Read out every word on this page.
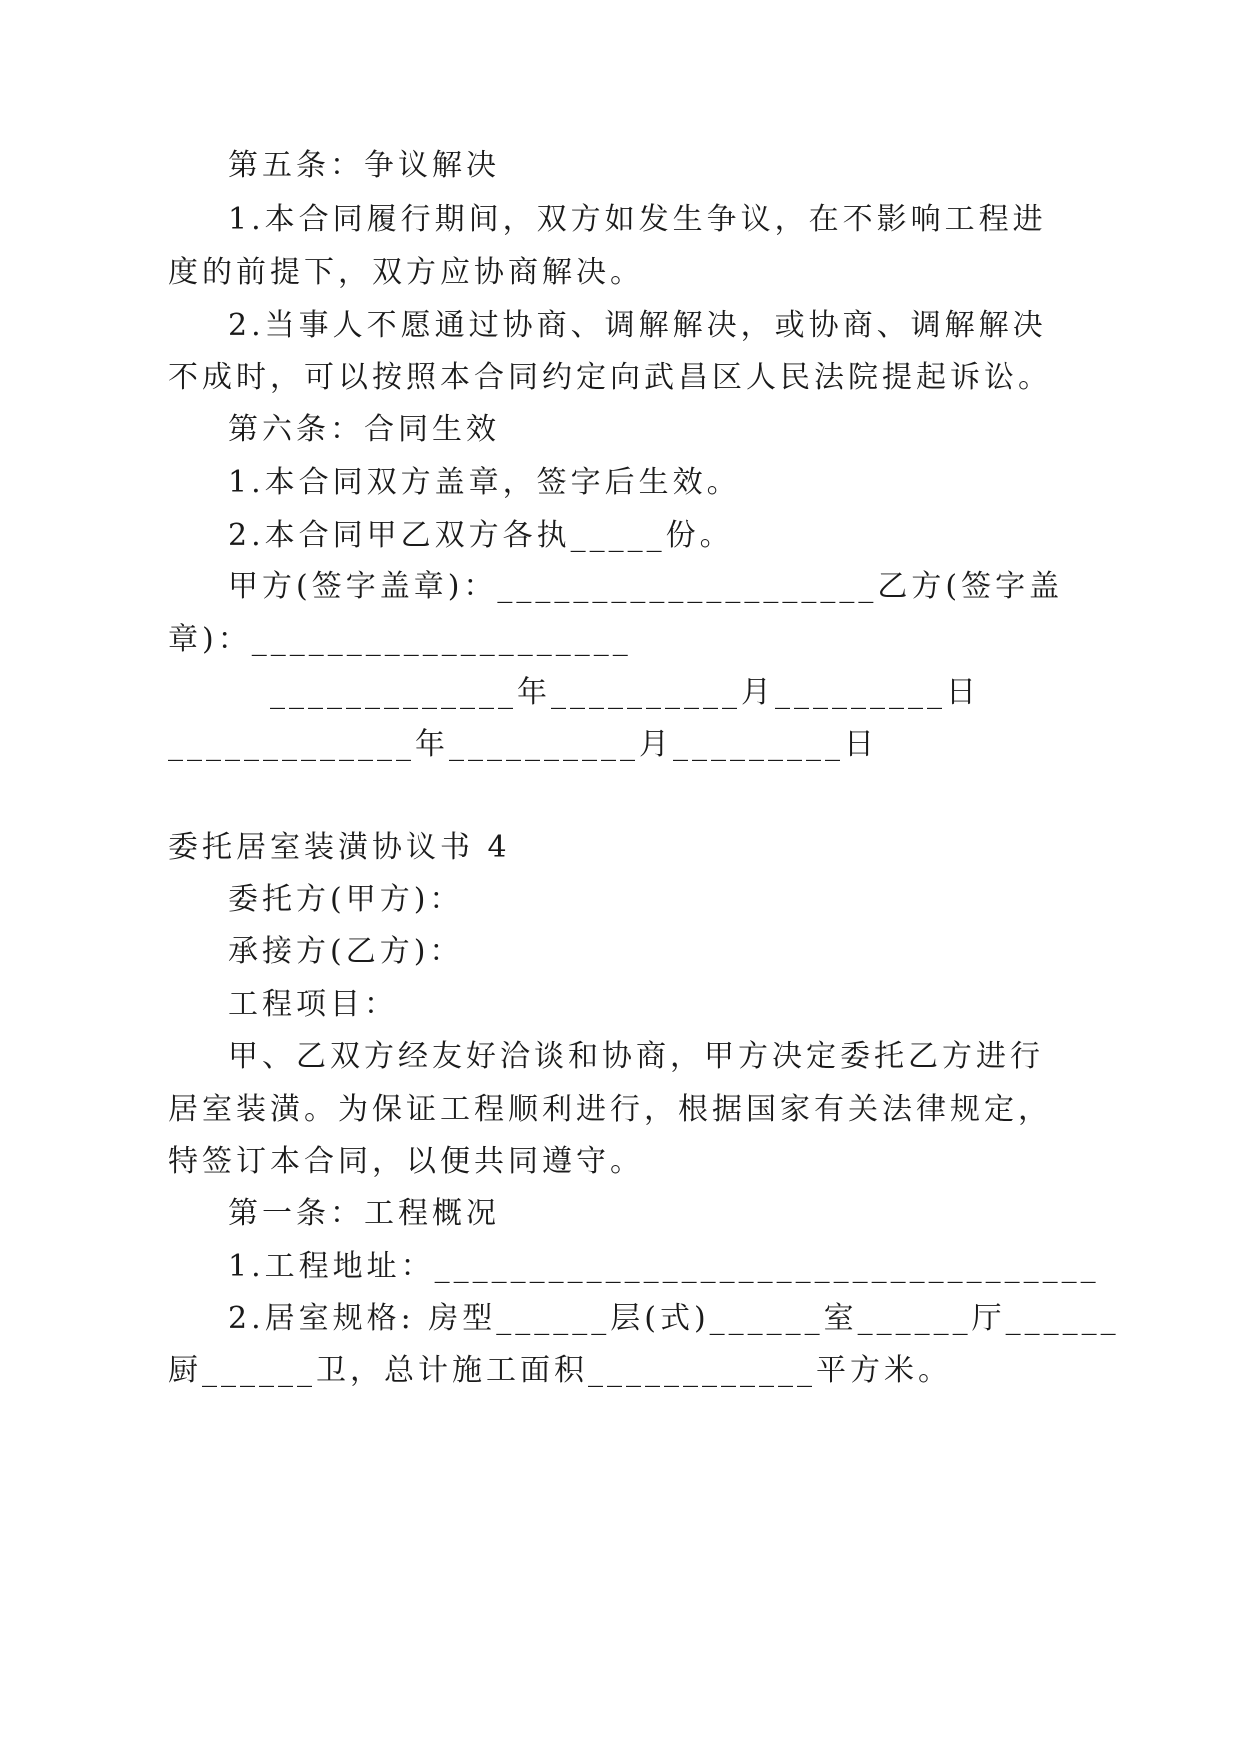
第五条：争议解决
1.本合同履行期间，双方如发生争议，在不影响工程进
度的前提下，双方应协商解决。
2.当事人不愿通过协商、调解解决，或协商、调解解决
不成时，可以按照本合同约定向武昌区人民法院提起诉讼。
第六条：合同生效
1.本合同双方盖章，签字后生效。
2.本合同甲乙双方各执_____份。
甲方(签字盖章)：____________________乙方(签字盖
章)：____________________
_____________ 年 __________ 月 _________ 日
_____________年__________月_________日
委托居室装潢协议书 4
委托方(甲方)：
承接方(乙方)：
工程项目：
甲、乙双方经友好洽谈和协商，甲方决定委托乙方进行
居室装潢。为保证工程顺利进行，根据国家有关法律规定，
特签订本合同，以便共同遵守。
第一条：工程概况
1.工程地址：___________________________________
2.居室规格: 房型______层(式)______室______厅______
厨______卫，总计施工面积____________平方米。
